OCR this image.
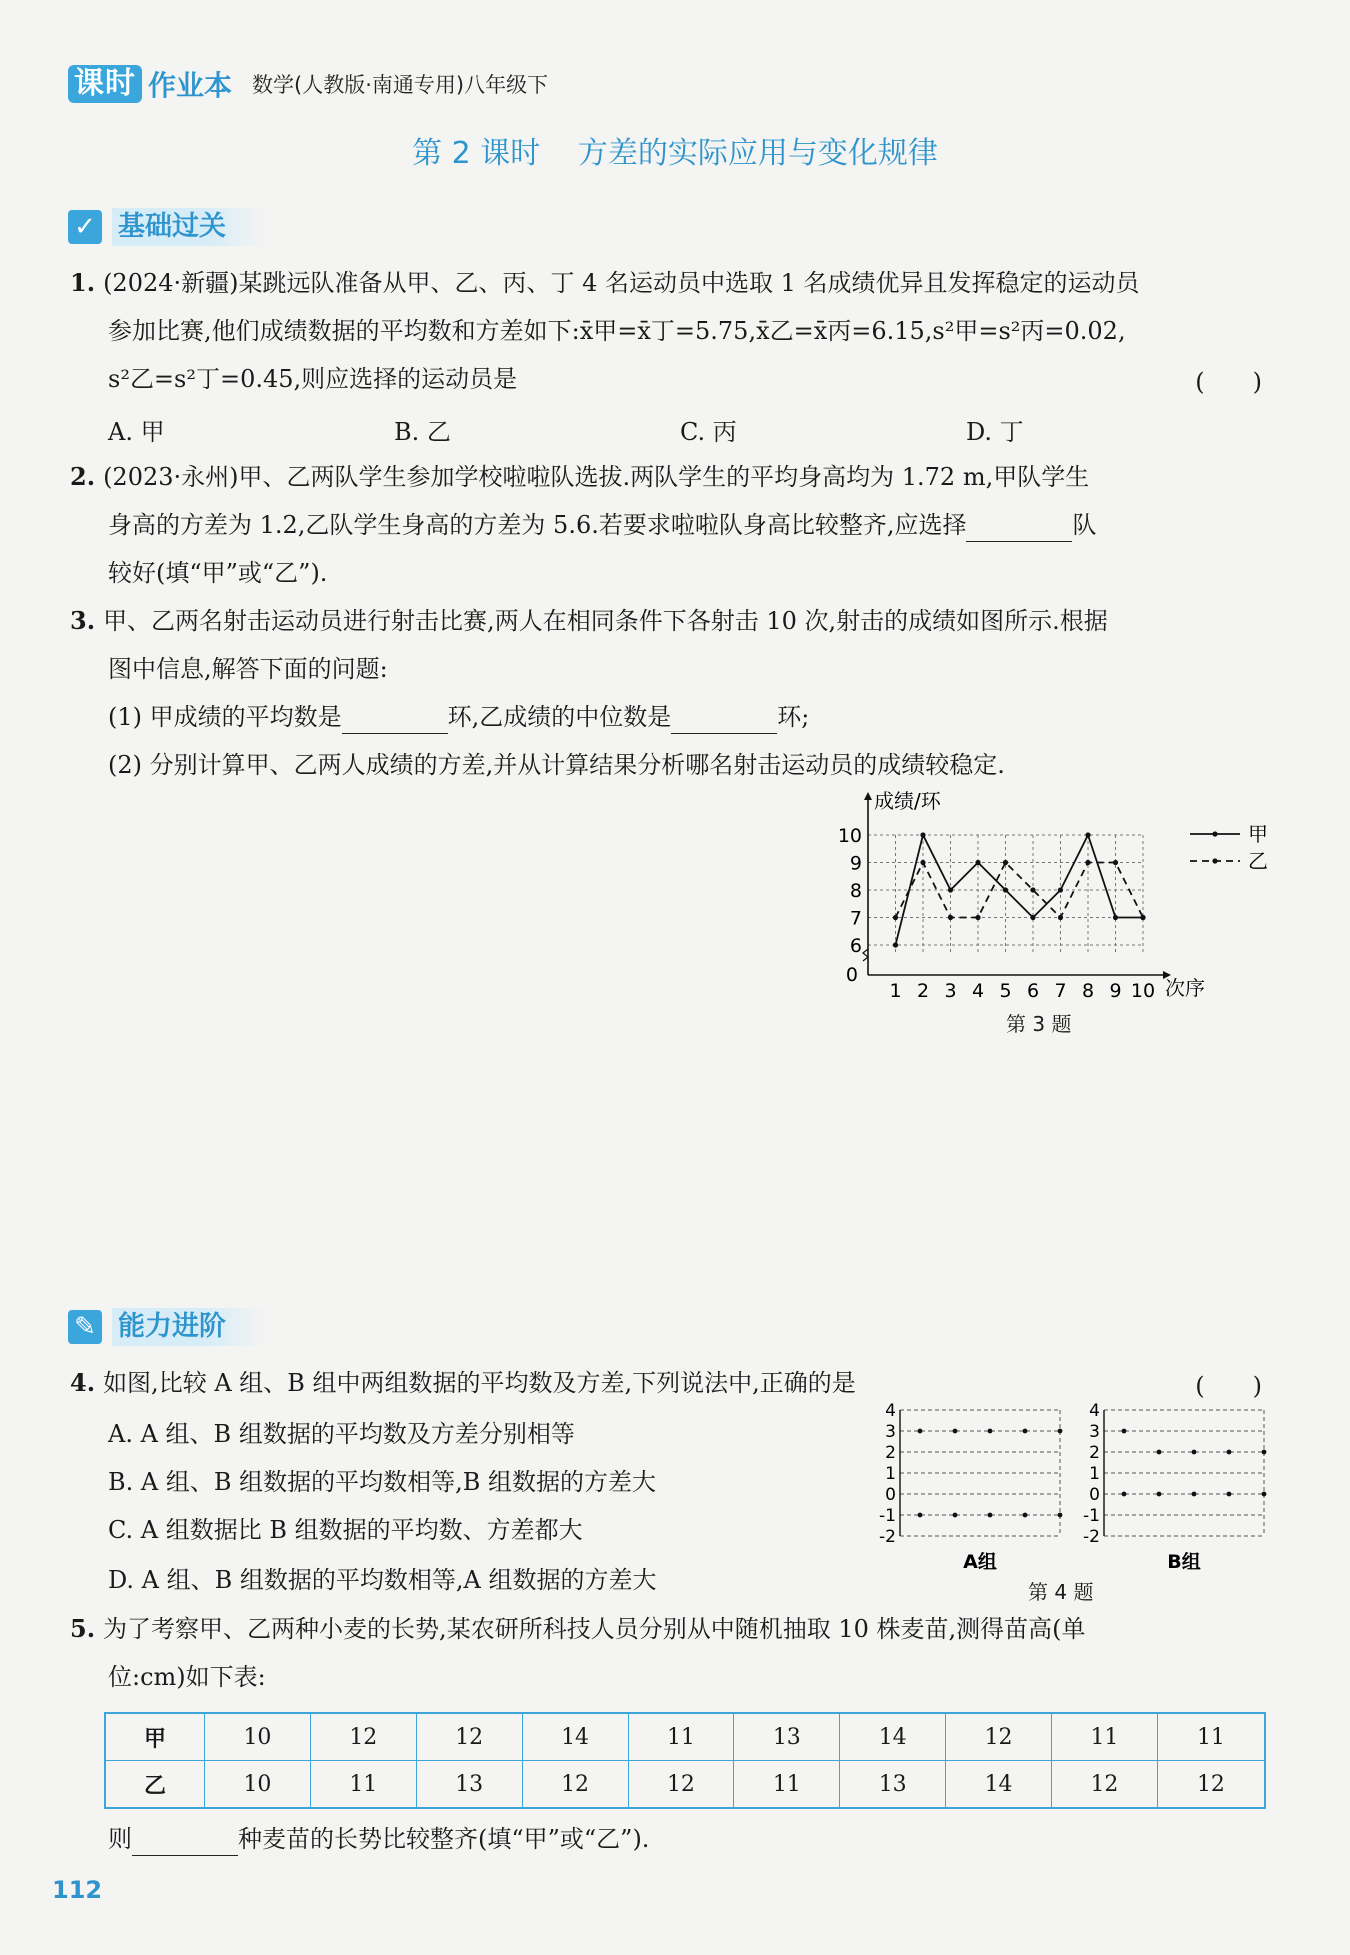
课时 作业本 数学(人教版·南通专用)八年级下
第 2 课时 方差的实际应用与变化规律
✓ 基础过关
1. (2024·新疆)某跳远队准备从甲、乙、丙、丁 4 名运动员中选取 1 名成绩优异且发挥稳定的运动员
参加比赛,他们成绩数据的平均数和方差如下:x̄甲=x̄丁=5.75,x̄乙=x̄丙=6.15,s²甲=s²丙=0.02,
s²乙=s²丁=0.45,则应选择的运动员是	(　　)
A. 甲	B. 乙	C. 丙	D. 丁
2. (2023·永州)甲、乙两队学生参加学校啦啦队选拔.两队学生的平均身高均为 1.72 m,甲队学生
身高的方差为 1.2,乙队学生身高的方差为 5.6.若要求啦啦队身高比较整齐,应选择	队
较好(填“甲”或“乙”).
3. 甲、乙两名射击运动员进行射击比赛,两人在相同条件下各射击 10 次,射击的成绩如图所示.根据
图中信息,解答下面的问题:
(1) 甲成绩的平均数是	环,乙成绩的中位数是	环;
(2) 分别计算甲、乙两人成绩的方差,并从计算结果分析哪名射击运动员的成绩较稳定.
成绩/环
次序
0
6
7
8
9
10
1 2 3 4 5 6 7 8 9 10
甲
乙
第 3 题
✎ 能力进阶
4. 如图,比较 A 组、B 组中两组数据的平均数及方差,下列说法中,正确的是	(　　)
A. A 组、B 组数据的平均数及方差分别相等
B. A 组、B 组数据的平均数相等,B 组数据的方差大
C. A 组数据比 B 组数据的平均数、方差都大
D. A 组、B 组数据的平均数相等,A 组数据的方差大
4
3
2
1
0
-1
-2
A组
4
3
2
1
0
-1
-2
B组
第 4 题
5. 为了考察甲、乙两种小麦的长势,某农研所科技人员分别从中随机抽取 10 株麦苗,测得苗高(单
位:cm)如下表:
甲	10	12	12	14	11	13	14	12	11	11
乙	10	11	13	12	12	11	13	14	12	12
则	种麦苗的长势比较整齐(填“甲”或“乙”).
112
